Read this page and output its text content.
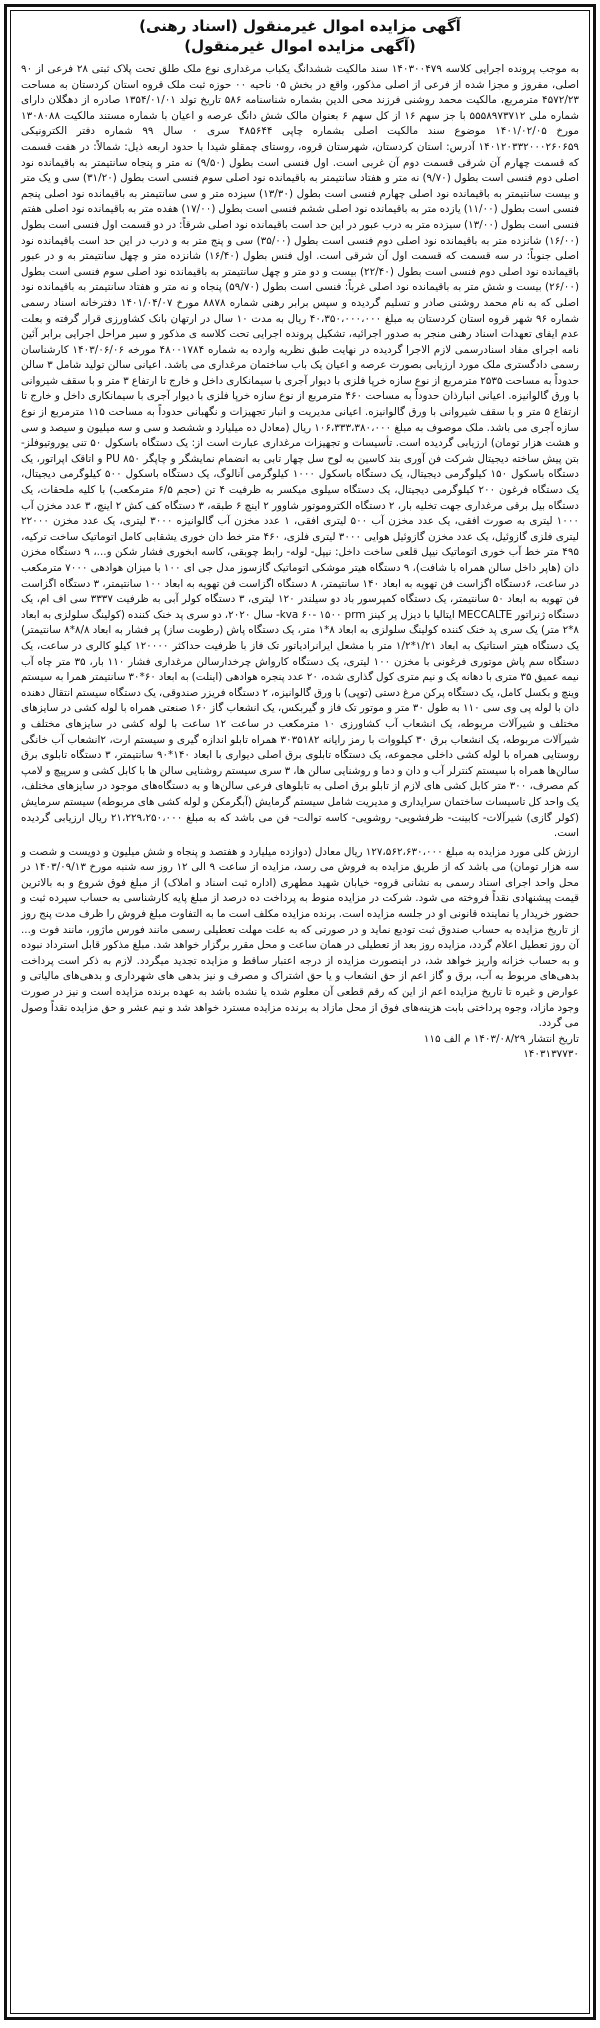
آگهی مزایده اموال غیرمنقول (اسناد رهنی)
(آگهی مزایده اموال غیرمنقول)

به موجب پرونده اجرایی کلاسه ۱۴۰۳۰۰۴۷۹ سند مالکیت ششدانگ یکباب مرغداری نوع ملک طلق تحت پلاک ثبتی ۲۸ فرعی از ۹۰ اصلی، مفروز و مجزا شده از فرعی از اصلی مذکور، واقع در بخش ۰۵ ناحیه ۰۰ حوزه ثبت ملک قروه استان کردستان به مساحت ۴۵۷۲/۲۳ مترمربع، مالکیت محمد روشنی فرزند محی الدین بشماره شناسنامه ۵۸۶ تاریخ تولد ۱۳۵۴/۰۱/۰۱ صادره از دهگلان دارای شماره ملی ۵۵۵۸۹۷۳۷۱۲ با جز سهم ۱۶ از کل سهم ۶ بعنوان مالک شش دانگ عرصه و اعیان با شماره مستند مالکیت ۱۳۰۸۰۸۸ مورخ ۱۴۰۱/۰۲/۰۵ موضوع سند مالکیت اصلی بشماره چاپی ۴۸۵۶۴۴ سری ۰ سال ۹۹ شماره دفتر الکترونیکی ۱۴۰۱۲۰۳۳۲۰۰۰۲۶۰۶۵۹ آدرس: استان کردستان، شهرستان قروه، روستای چمقلو شیدا با حدود اربعه ذیل: شمالاً: در هفت قسمت که قسمت چهارم آن شرقی قسمت دوم آن غربی است. اول فنسی است بطول (۹/۵۰) نه متر و پنجاه سانتیمتر به باقیمانده نود اصلی دوم فنسی است بطول (۹/۷۰) نه متر و هفتاد سانتیمتر به باقیمانده نود اصلی سوم فنسی است بطول (۳۱/۲۰) سی و یک متر و بیست سانتیمتر به باقیمانده نود اصلی چهارم فنسی است بطول (۱۳/۳۰) سیزده متر و سی سانتیمتر به باقیمانده نود اصلی پنجم فنسی است بطول (۱۱/۰۰) یازده متر به باقیمانده نود اصلی ششم فنسی است بطول (۱۷/۰۰) هفده متر به باقیمانده نود اصلی هفتم فنسی است بطول (۱۳/۰۰) سیزده متر به درب عبور در این حد است باقیمانده نود اصلی شرقاً: در دو قسمت اول فنسی است بطول (۱۶/۰۰) شانزده متر به باقیمانده نود اصلی دوم فنسی است بطول (۳۵/۰۰) سی و پنج متر به و درب در این حد است باقیمانده نود اصلی جنوباً: در سه قسمت که قسمت اول آن شرقی است. اول فنس بطول (۱۶/۴۰) شانزده متر و چهل سانتیمتر به و در عبور باقیمانده نود اصلی دوم فنسی است بطول (۲۲/۴۰) بیست و دو متر و چهل سانتیمتر به باقیمانده نود اصلی سوم فنسی است بطول (۲۶/۰۰) بیست و شش متر به باقیمانده نود اصلی غرباً: فنسی است بطول (۵۹/۷۰) پنجاه و نه متر و هفتاد سانتیمتر به باقیمانده نود اصلی که به نام محمد روشنی صادر و تسلیم گردیده و سپس برابر رهنی شماره ۸۸۷۸ مورخ ۱۴۰۱/۰۴/۰۷ دفترخانه اسناد رسمی شماره ۹۶ شهر قروه استان کردستان به مبلغ ۴۰،۳۵۰،۰۰۰،۰۰۰ ریال به مدت ۱۰ سال در ارتهان بانک کشاورزی قرار گرفته و بعلت عدم ایفای تعهدات اسناد رهنی منجر به صدور اجرائیه، تشکیل پرونده اجرایی تحت کلاسه ی مذکور و سیر مراحل اجرایی برابر آئین نامه اجرای مفاد اسنادرسمی لازم الاجرا گردیده در نهایت طبق نظریه وارده به شماره ۴۸۰۰۱۷۸۴ مورخه ۱۴۰۳/۰۶/۰۶ کارشناسان رسمی دادگستری ملک مورد ارزیابی بصورت عرصه و اعیان یک باب ساختمان مرغداری می باشد. اعیانی سالن تولید شامل ۳ سالن حدوداً به مساحت ۲۵۳۵ مترمربع از نوع سازه خرپا فلزی با دیوار آجری با سیمانکاری داخل و خارج تا ارتفاع ۳ متر و با سقف شیروانی با ورق گالوانیزه. اعیانی انبارذان حدوداً به مساحت ۴۶۰ مترمربع از نوع سازه خرپا فلزی با دیوار آجری با سیمانکاری داخل و خارج تا ارتفاع ۵ متر و با سقف شیروانی با ورق گالوانیزه. اعیانی مدیریت و انبار تجهیزات و نگهبانی حدوداً به مساحت ۱۱۵ مترمربع از نوع سازه آجری می باشد. ملک موصوف به مبلغ ۱۰۶،۳۳۳،۳۸۰،۰۰۰ ریال (معادل ده میلیارد و ششصد و سی و سه میلیون و سیصد و سی و هشت هزار تومان) ارزیابی گردیده است. تأسیسات و تجهیزات مرغداری عبارت است از: یک دستگاه باسکول ۵۰ تنی یوروتیوفلز- بتن پیش ساخته دیجیتال شرکت فن آوری بند کاسین به لوح سل چهار تابی به انضمام نمایشگر و چاپگر PU ۸۵۰ و اتاقک اپراتور، یک دستگاه باسکول ۱۵۰ کیلوگرمی دیجیتال، یک دستگاه باسکول ۱۰۰۰ کیلوگرمی آنالوگ، یک دستگاه باسکول ۵۰۰ کیلوگرمی دیجیتال، یک دستگاه فرغون ۲۰۰ کیلوگرمی دیجیتال، یک دستگاه سیلوی میکسر به ظرفیت ۴ تن (حجم ۶/۵ مترمکعب) با کلیه ملحقات، یک دستگاه بیل برقی مرغداری جهت تخلیه بار، ۲ دستگاه الکتروموتور شاوور ۲ اینچ ۶ طبقه، ۳ دستگاه کف کش ۲ اینچ، ۳ عدد مخزن آب ۱۰۰۰ لیتری به صورت افقی، یک عدد مخزن آب ۵۰۰ لیتری افقی، ۱ عدد مخزن آب گالوانیزه ۳۰۰۰ لیتری، یک عدد مخزن ۲۲۰۰۰ لیتری فلزی گازوئیل، یک عدد مخزن گازوئیل هوایی ۳۰۰۰ لیتری فلزی، ۴۶۰ متر خط دان خوری یشقابی کامل اتوماتیک ساخت ترکیه، ۴۹۵ متر خط آب خوری اتوماتیک نیپل قلعی ساخت داخل: نیپل- لوله- رابط چوبقی، کاسه ابخوری فشار شکن و...، ۹ دستگاه مخزن دان (هاپر داخل سالن همراه با شافت)، ۹ دستگاه هیتر موشکی اتوماتیک گازسوز مدل جی ای ۱۰۰ با میزان هوادهی ۷۰۰۰ مترمکعب در ساعت، ۶دستگاه اگزاست فن تهویه به ابعاد ۱۴۰ سانتیمتر، ۸ دستگاه اگزاست فن تهویه به ابعاد ۱۰۰ سانتیمتر، ۳ دستگاه اگزاست فن تهویه به ابعاد ۵۰ سانتیمتر، یک دستگاه کمپرسور باد دو سیلندر ۱۲۰ لیتری، ۳ دستگاه کولر آبی به ظرفیت ۳۳۳۷ سی اف ام، یک دستگاه ژنراتور MECCALTE ایتالیا با دیزل پر کینز kva ۶۰- ۱۵۰۰ prm- سال ۲۰۲۰، دو سری پد خنک کننده (کولینگ سلولزی به ابعاد ۸*۲ متر) یک سری پد خنک کننده کولینگ سلولزی به ابعاد ۸*۱ متر، یک دستگاه پاش (رطوبت ساز) پر فشار به ابعاد ۸/۸*۸ سانتیمتر) یک دستگاه هیتر استاتیک به ابعاد ۱/۲۱*۱/۲ متر با مشعل ایرانرادیاتور تک فاز با ظرفیت حداکثر ۱۲۰۰۰۰ کیلو کالری در ساعت، یک دستگاه سم پاش موتوری فرغونی با مخزن ۱۰۰ لیتری، یک دستگاه کارواش چرخدارسالن مرغداری فشار ۱۱۰ بار، ۳۵ متر چاه آب نیمه عمیق ۳۵ متری با دهانه یک و نیم متری کول گذاری شده، ۲۰ عدد پنجره هوادهی (اینلت) به ابعاد ۶۰*۳۰ سانتیمتر همرا به سیستم وینچ و بکسل کامل، یک دستگاه پرکن مرغ دستی (توپی) با ورق گالوانیزه، ۲ دستگاه فریزر صندوقی، یک دستگاه سیستم انتقال دهنده دان با لوله پی وی سی ۱۱۰ به طول ۳۰ متر و موتور تک فاز و گیربکس، یک انشعاب گاز ۱۶۰ صنعتی همراه با لوله کشی در سایزهای مختلف و شیرآلات مربوطه، یک انشعاب آب کشاورزی ۱۰ مترمکعب در ساعت ۱۲ ساعت با لوله کشی در سایزهای مختلف و شیرآلات مربوطه، یک انشعاب برق ۳۰ کیلووات با رمز رایانه ۳۰۳۵۱۸۲ همراه تابلو اندازه گیری و سیستم ارت، ۲انشعاب آب خانگی روستایی همراه با لوله کشی داخلی مجموعه، یک دستگاه تابلوی برق اصلی دیواری با ابعاد ۱۴۰*۹۰ سانتیمتر، ۳ دستگاه تابلوی برق سالن‌ها همراه با سیستم کنترلر آب و دان و دما و روشنایی سالن ها، ۳ سری سیستم روشنایی سالن ها با کابل کشی و سرپیچ و لامپ کم مصرف، ۳۰۰ متر کابل کشی های لازم از تابلو برق اصلی به تابلوهای فرعی سالن‌ها و به دستگاه‌های موجود در سایزهای مختلف، یک واحد کل تاسیسات ساختمان سرایداری و مدیریت شامل سیستم گرمایش (آبگرمکن و لوله کشی های مربوطه) سیستم سرمایش (کولر گازی) شیرآلات- کابینت- ظرفشویی- روشویی- کاسه توالت- فن می باشد که به مبلغ ۲۱،۲۲۹،۲۵۰،۰۰۰ ریال ارزیابی گردیده است.

ارزش کلی مورد مزایده به مبلغ ۱۲۷،۵۶۲،۶۳۰،۰۰۰ ریال معادل (دوازده میلیارد و هفتصد و پنجاه و شش میلیون و دویست و شصت و سه هزار تومان) می باشد که از طریق مزایده به فروش می رسد، مزایده از ساعت ۹ الی ۱۲ روز سه شنبه مورخ ۱۴۰۳/۰۹/۱۳ در محل واحد اجرای اسناد رسمی به نشانی قروه- خیابان شهید مطهری (اداره ثبت اسناد و املاک) از مبلغ فوق شروع و به بالاترین قیمت پیشنهادی نقداً فروخته می شود. شرکت در مزایده منوط به پرداخت ده درصد از مبلغ پایه کارشناسی به حساب سپرده ثبت و حضور خریدار یا نماینده قانونی او در جلسه مزایده است. برنده مزایده مکلف است ما به التفاوت مبلغ فروش را ظرف مدت پنج روز از تاریخ مزایده به حساب صندوق ثبت تودیع نماید و در صورتی که به علت مهلت تعطیلی رسمی مانند فورس ماژور، مانند فوت و... آن روز تعطیل اعلام گردد، مزایده روز بعد از تعطیلی در همان ساعت و محل مقرر برگزار خواهد شد. مبلغ مذکور قابل استرداد نبوده و به حساب خزانه واریز خواهد شد، در اینصورت مزایده از درجه اعتبار ساقط و مزایده تجدید میگردد. لازم به ذکر است پرداخت بدهی‌های مربوط به آب، برق و گاز اعم از حق انشعاب و یا حق اشتراک و مصرف و نیز بدهی های شهرداری و بدهی‌های مالیاتی و عوارض و غیره تا تاریخ مزایده اعم از این که رقم قطعی آن معلوم شده یا نشده باشد به عهده برنده مزایده است و نیز در صورت وجود مازاد، وجوه پرداختی بابت هزینه‌های فوق از محل مازاد به برنده مزایده مسترد خواهد شد و نیم عشر و حق مزایده نقداً وصول می گردد.

تاریخ انتشار ۱۴۰۳/۰۸/۲۹ م الف ۱۱۵
۱۴۰۳۱۳۷۷۳۰
